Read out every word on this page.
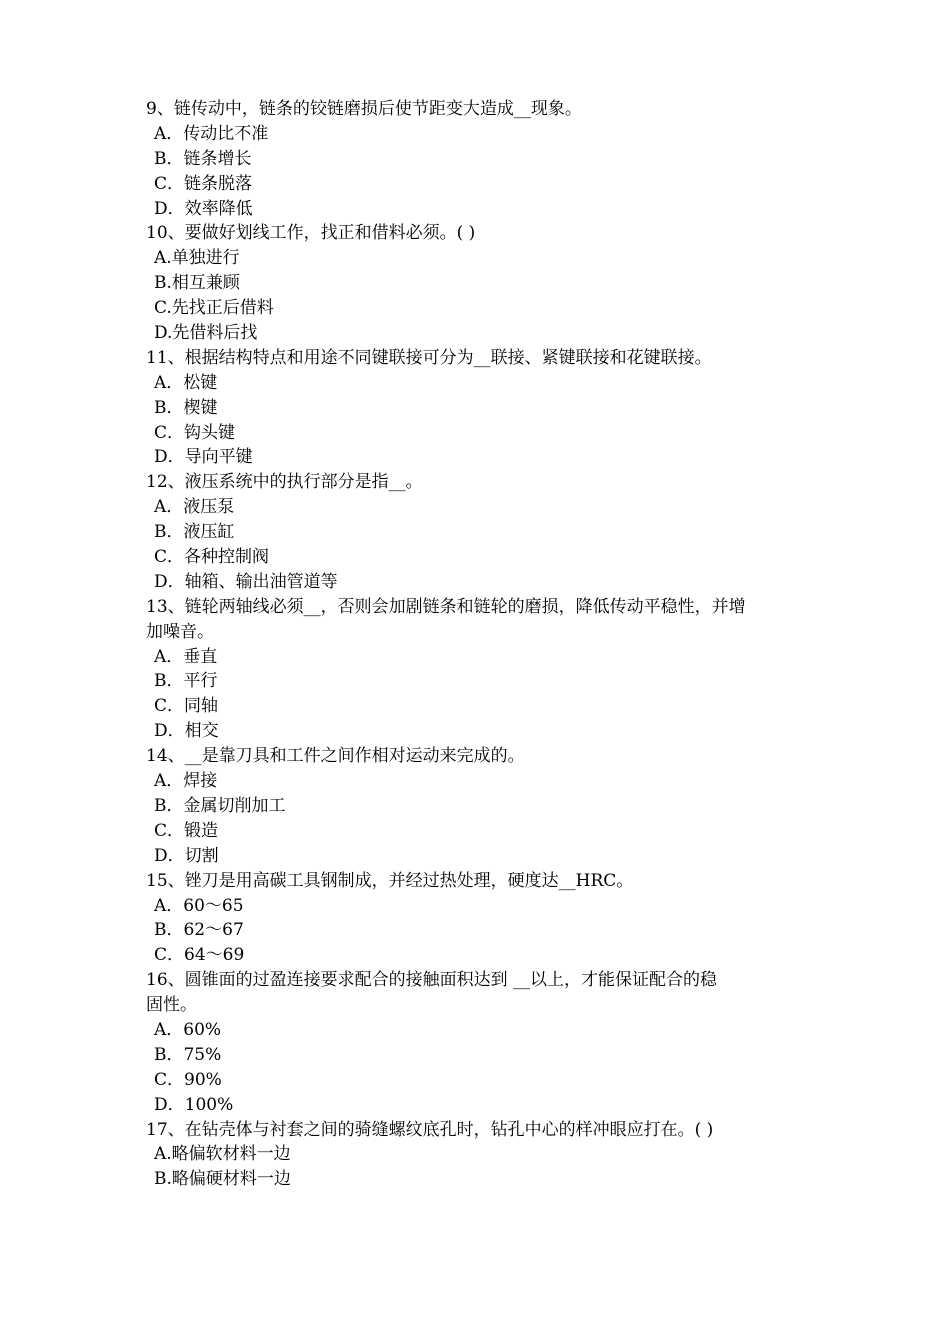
9、链传动中，链条的铰链磨损后使节距变大造成__现象。
A．传动比不准
B．链条增长
C．链条脱落
D．效率降低
10、要做好划线工作，找正和借料必须。( )
A.单独进行
B.相互兼顾
C.先找正后借料
D.先借料后找
11、根据结构特点和用途不同键联接可分为__联接、紧键联接和花键联接。
A．松键
B．楔键
C．钩头键
D．导向平键
12、液压系统中的执行部分是指__。
A．液压泵
B．液压缸
C．各种控制阀
D．轴箱、输出油管道等
13、链轮两轴线必须__，否则会加剧链条和链轮的磨损，降低传动平稳性，并增
加噪音。
A．垂直
B．平行
C．同轴
D．相交
14、__是靠刀具和工件之间作相对运动来完成的。
A．焊接
B．金属切削加工
C．锻造
D．切割
15、锉刀是用高碳工具钢制成，并经过热处理，硬度达__HRC。
A．60～65
B．62～67
C．64～69
16、圆锥面的过盈连接要求配合的接触面积达到 __以上，才能保证配合的稳
固性。
A．60%
B．75%
C．90%
D．100%
17、在钻壳体与衬套之间的骑缝螺纹底孔时，钻孔中心的样冲眼应打在。( )
A.略偏软材料一边
B.略偏硬材料一边
